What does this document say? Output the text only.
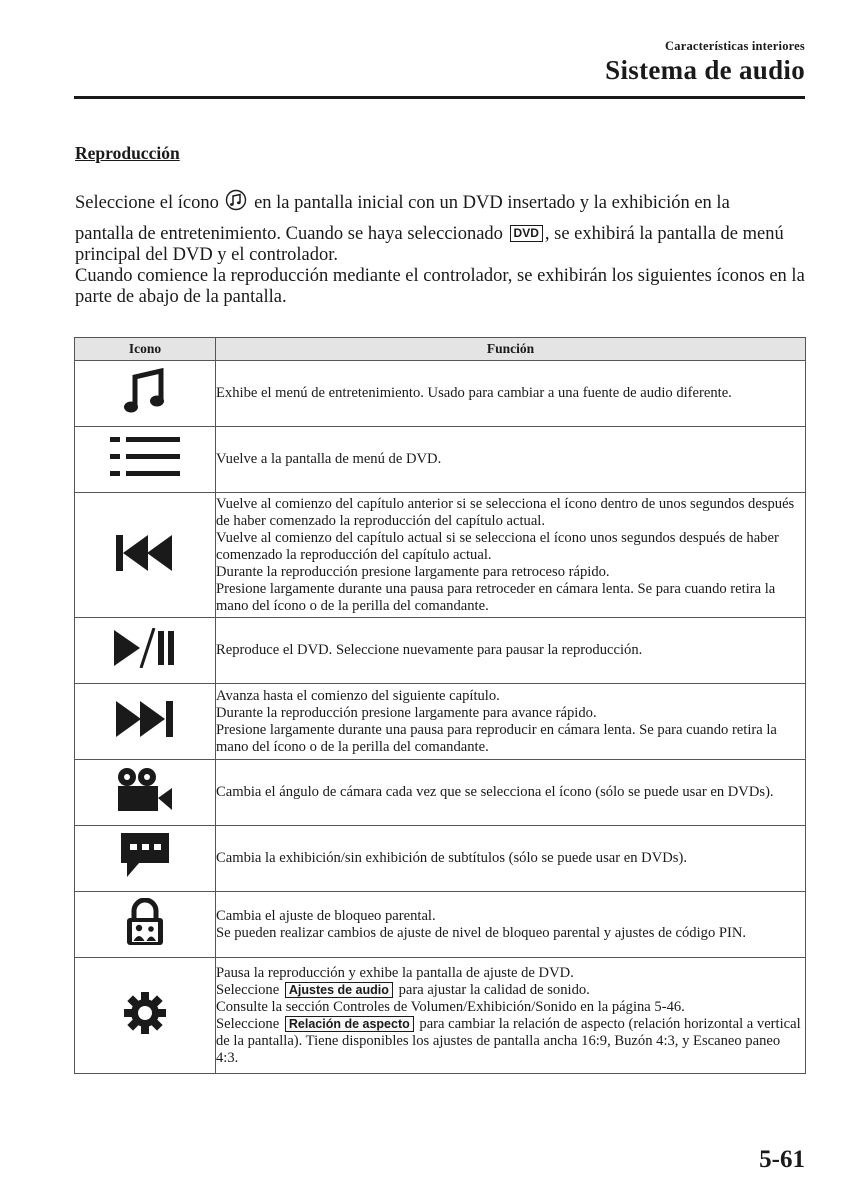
Características interiores
Sistema de audio
Reproducción

Seleccione el ícono en la pantalla inicial con un DVD insertado y la exhibición en la

pantalla de entretenimiento. Cuando se haya seleccionado DVD , se exhibirá la pantalla de menú principal del DVD y el controlador.

Cuando comience la reproducción mediante el controlador, se exhibirán los siguientes íconos en la parte de abajo de la pantalla.

Icono	Función

Exhibe el menú de entretenimiento. Usado para cambiar a una fuente de audio diferente.

Vuelve a la pantalla de menú de DVD.

Vuelve al comienzo del capítulo anterior si se selecciona el ícono dentro de unos segundos después de haber comenzado la reproducción del capítulo actual.
Vuelve al comienzo del capítulo actual si se selecciona el ícono unos segundos después de haber comenzado la reproducción del capítulo actual.
Durante la reproducción presione largamente para retroceso rápido.
Presione largamente durante una pausa para retroceder en cámara lenta. Se para cuando retira la mano del ícono o de la perilla del comandante.

Reproduce el DVD. Seleccione nuevamente para pausar la reproducción.

Avanza hasta el comienzo del siguiente capítulo.
Durante la reproducción presione largamente para avance rápido.
Presione largamente durante una pausa para reproducir en cámara lenta. Se para cuando retira la mano del ícono o de la perilla del comandante.

Cambia el ángulo de cámara cada vez que se selecciona el ícono (sólo se puede usar en DVDs).

Cambia la exhibición/sin exhibición de subtítulos (sólo se puede usar en DVDs).

Cambia el ajuste de bloqueo parental.
Se pueden realizar cambios de ajuste de nivel de bloqueo parental y ajustes de código PIN.

Pausa la reproducción y exhibe la pantalla de ajuste de DVD.
Seleccione Ajustes de audio para ajustar la calidad de sonido.
Consulte la sección Controles de Volumen/Exhibición/Sonido en la página 5-46.
Seleccione Relación de aspecto para cambiar la relación de aspecto (relación horizontal a vertical de la pantalla). Tiene disponibles los ajustes de pantalla ancha 16:9, Buzón 4:3, y Escaneo paneo 4:3.
5-61
